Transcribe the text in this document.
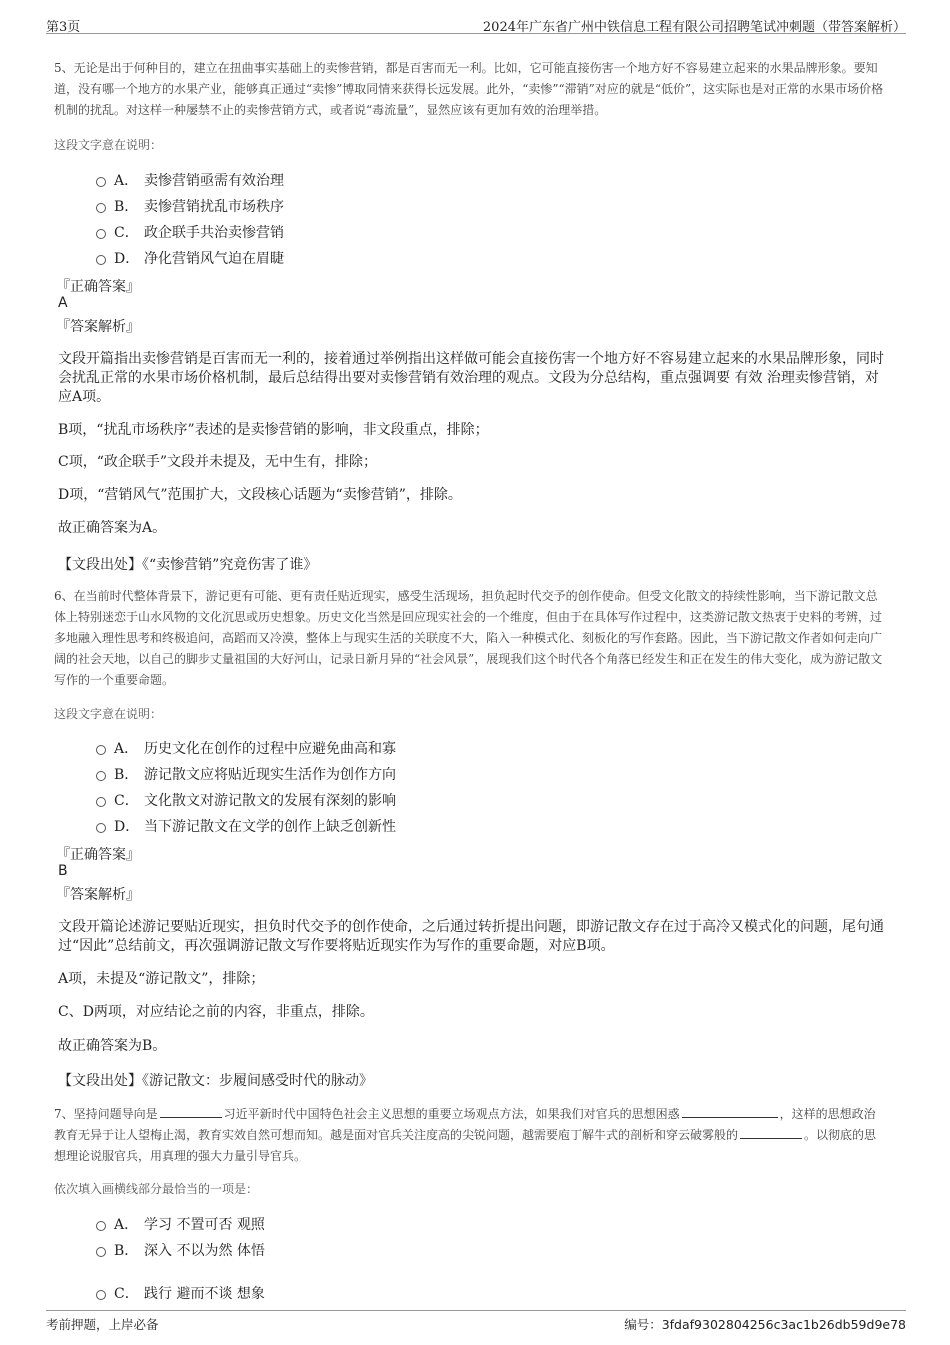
第3页	2024年广东省广州中铁信息工程有限公司招聘笔试冲刺题（带答案解析）
5、无论是出于何种目的，建立在扭曲事实基础上的卖惨营销，都是百害而无一利。比如，它可能直接伤害一个地方好不容易建立起来的水果品牌形象。要知道，没有哪一个地方的水果产业，能够真正通过“卖惨”博取同情来获得长远发展。此外，“卖惨”“滞销”对应的就是“低价”，这实际也是对正常的水果市场价格机制的扰乱。对这样一种屡禁不止的卖惨营销方式，或者说“毒流量”，显然应该有更加有效的治理举措。
这段文字意在说明：
A． 卖惨营销亟需有效治理
B． 卖惨营销扰乱市场秩序
C． 政企联手共治卖惨营销
D． 净化营销风气迫在眉睫
『正确答案』
A
『答案解析』
文段开篇指出卖惨营销是百害而无一利的，接着通过举例指出这样做可能会直接伤害一个地方好不容易建立起来的水果品牌形象，同时会扰乱正常的水果市场价格机制，最后总结得出要对卖惨营销有效治理的观点。文段为分总结构，重点强调要 有效 治理卖惨营销，对应A项。
B项，“扰乱市场秩序”表述的是卖惨营销的影响，非文段重点，排除；
C项，“政企联手”文段并未提及，无中生有，排除；
D项，“营销风气”范围扩大，文段核心话题为“卖惨营销”，排除。
故正确答案为A。
【文段出处】《“卖惨营销”究竟伤害了谁》
6、在当前时代整体背景下，游记更有可能、更有责任贴近现实，感受生活现场，担负起时代交予的创作使命。但受文化散文的持续性影响，当下游记散文总体上特别迷恋于山水风物的文化沉思或历史想象。历史文化当然是回应现实社会的一个维度，但由于在具体写作过程中，这类游记散文热衷于史料的考辨，过多地融入理性思考和终极追问，高蹈而又冷漠，整体上与现实生活的关联度不大，陷入一种模式化、刻板化的写作套路。因此，当下游记散文作者如何走向广阔的社会天地，以自己的脚步丈量祖国的大好河山，记录日新月异的“社会风景”，展现我们这个时代各个角落已经发生和正在发生的伟大变化，成为游记散文写作的一个重要命题。
这段文字意在说明：
A． 历史文化在创作的过程中应避免曲高和寡
B． 游记散文应将贴近现实生活作为创作方向
C． 文化散文对游记散文的发展有深刻的影响
D． 当下游记散文在文学的创作上缺乏创新性
『正确答案』
B
『答案解析』
文段开篇论述游记要贴近现实，担负时代交予的创作使命，之后通过转折提出问题，即游记散文存在过于高冷又模式化的问题，尾句通过“因此”总结前文，再次强调游记散文写作要将贴近现实作为写作的重要命题，对应B项。
A项，未提及“游记散文”，排除；
C、D两项，对应结论之前的内容，非重点，排除。
故正确答案为B。
【文段出处】《游记散文：步履间感受时代的脉动》
7、坚持问题导向是	习近平新时代中国特色社会主义思想的重要立场观点方法，如果我们对官兵的思想困惑	，这样的思想政治教育无异于让人望梅止渴，教育实效自然可想而知。越是面对官兵关注度高的尖锐问题，越需要庖丁解牛式的剖析和穿云破雾般的	。以彻底的思想理论说服官兵，用真理的强大力量引导官兵。
依次填入画横线部分最恰当的一项是：
A． 学习 不置可否 观照
B． 深入 不以为然 体悟
C． 践行 避而不谈 想象
考前押题，上岸必备	编号：3fdaf9302804256c3ac1b26db59d9e78
